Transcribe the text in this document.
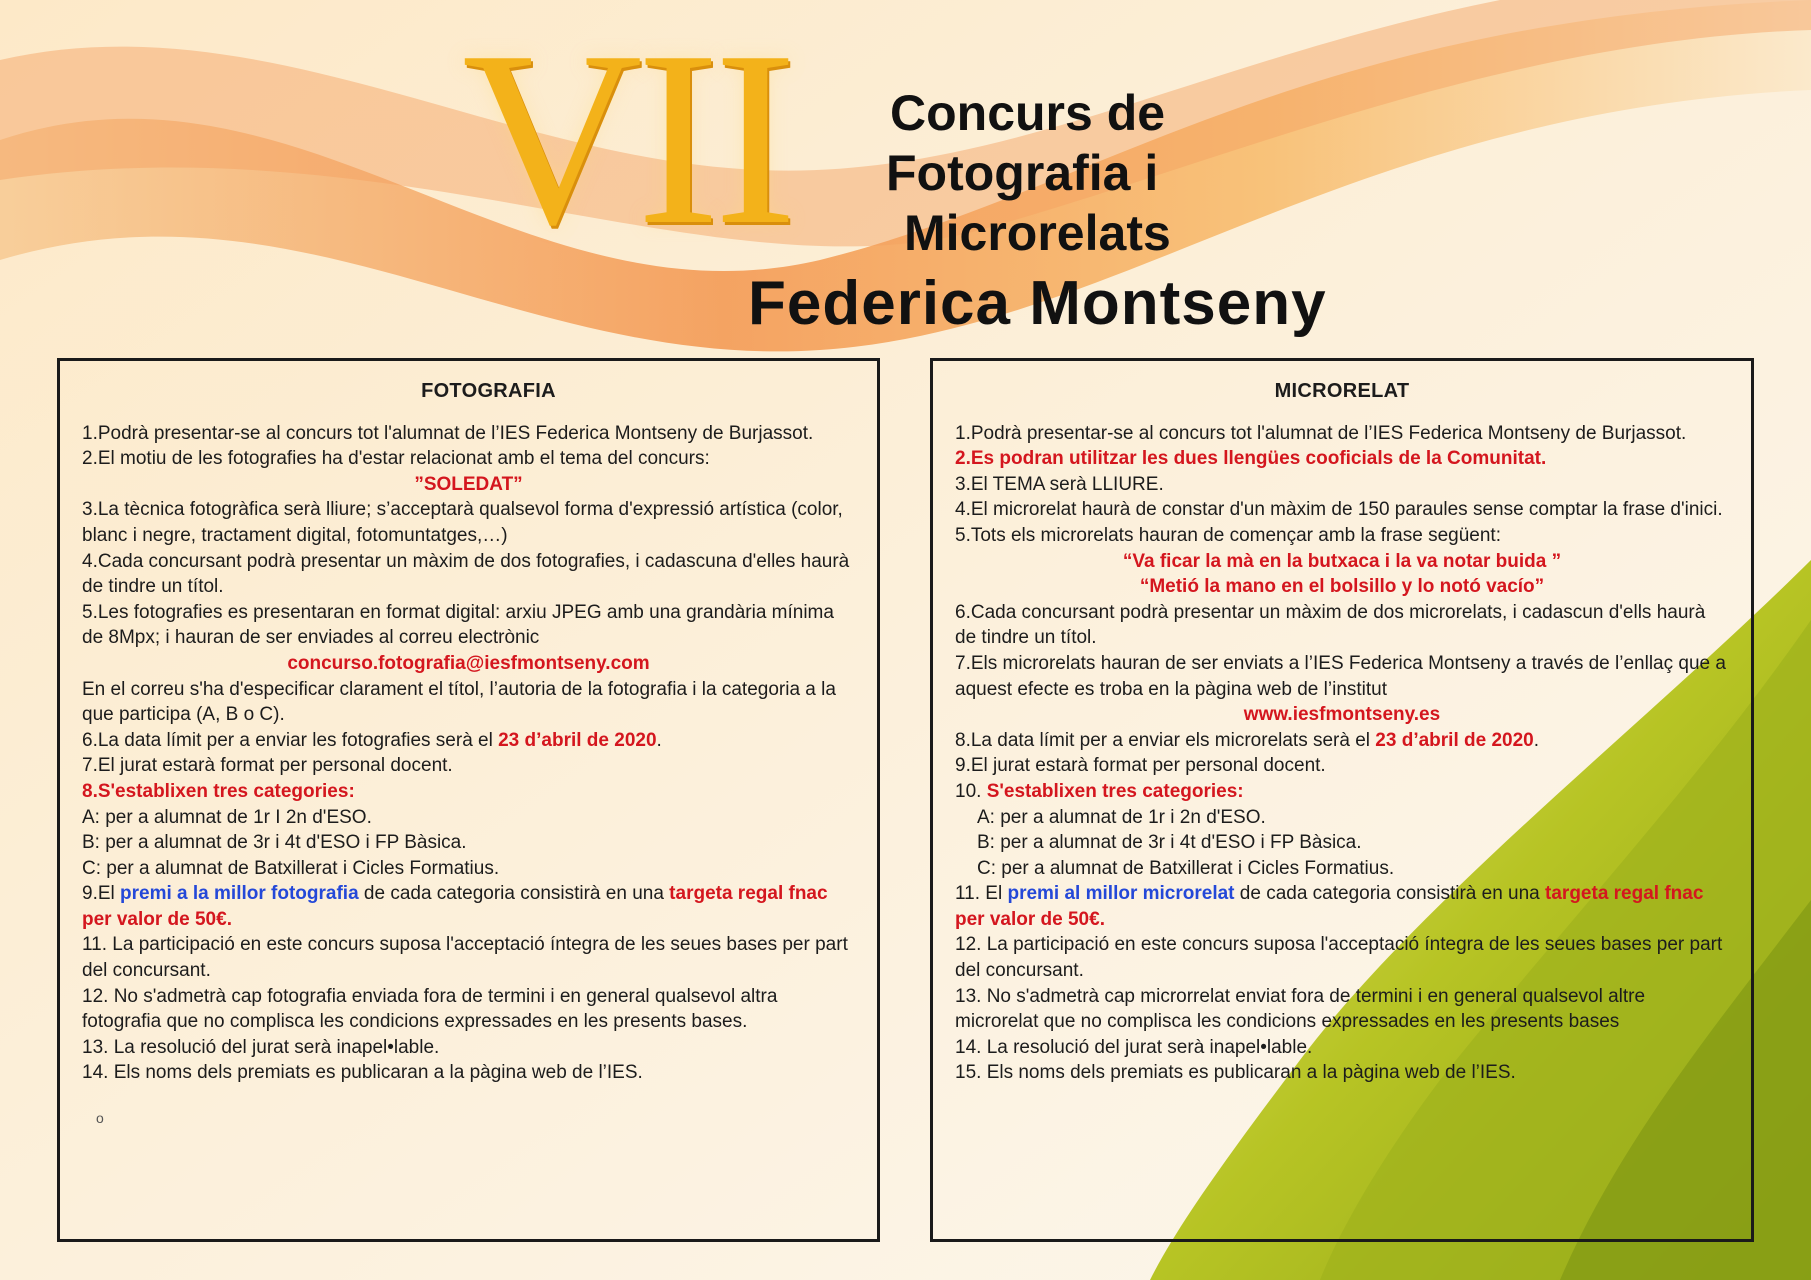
VII Concurs de
Fotografia i
Microrelats
Federica Montseny
FOTOGRAFIA

1.Podrà presentar-se al concurs tot l'alumnat de l’IES Federica Montseny de Burjassot.

2.El motiu de les fotografies ha d'estar relacionat amb el tema del concurs:

”SOLEDAT”

3.La tècnica fotogràfica serà lliure; s’acceptarà qualsevol forma d'expressió artística (color, blanc i negre, tractament digital, fotomuntatges,…)

4.Cada concursant podrà presentar un màxim de dos fotografies, i cadascuna d'elles haurà de tindre un títol.

5.Les fotografies es presentaran en format digital: arxiu JPEG amb una grandària mínima de 8Mpx; i hauran de ser enviades al correu electrònic

concurso.fotografia@iesfmontseny.com

En el correu s'ha d'especificar clarament el títol, l’autoria de la fotografia i la categoria a la que participa (A, B o C).

6.La data límit per a enviar les fotografies serà el 23 d’abril de 2020.

7.El jurat estarà format per personal docent.

8.S'establixen tres categories:

A: per a alumnat de 1r I 2n d'ESO.

B: per a alumnat de 3r i 4t d'ESO i FP Bàsica.

C: per a alumnat de Batxillerat i Cicles Formatius.

9.El premi a la millor fotografia de cada categoria consistirà en una targeta regal fnac per valor de 50€.

11. La participació en este concurs suposa l'acceptació íntegra de les seues bases per part del concursant.

12. No s'admetrà cap fotografia enviada fora de termini i en general qualsevol altra fotografia que no complisca les condicions expressades en les presents bases.

13. La resolució del jurat serà inapel•lable.

14. Els noms dels premiats es publicaran a la pàgina web de l’IES.

o

MICRORELAT

1.Podrà presentar-se al concurs tot l'alumnat de l’IES Federica Montseny de Burjassot.

2.Es podran utilitzar les dues llengües cooficials de la Comunitat.

3.El TEMA serà LLIURE.

4.El microrelat haurà de constar d'un màxim de 150 paraules sense comptar la frase d'inici.

5.Tots els microrelats hauran de començar amb la frase següent:

“Va ficar la mà en la butxaca i la va notar buida ”

“Metió la mano en el bolsillo y lo notó vacío”

6.Cada concursant podrà presentar un màxim de dos microrelats, i cadascun d'ells haurà de tindre un títol.

7.Els microrelats hauran de ser enviats a l’IES Federica Montseny a través de l’enllaç que a aquest efecte es troba en la pàgina web de l’institut

www.iesfmontseny.es

8.La data límit per a enviar els microrelats serà el 23 d’abril de 2020.

9.El jurat estarà format per personal docent.

10. S'establixen tres categories:

A: per a alumnat de 1r i 2n d'ESO.

B: per a alumnat de 3r i 4t d'ESO i FP Bàsica.

C: per a alumnat de Batxillerat i Cicles Formatius.

11. El premi al millor microrelat de cada categoria consistirà en una targeta regal fnac per valor de 50€.

12. La participació en este concurs suposa l'acceptació íntegra de les seues bases per part del concursant.

13. No s'admetrà cap microrrelat enviat fora de termini i en general qualsevol altre microrelat que no complisca les condicions expressades en les presents bases

14. La resolució del jurat serà inapel•lable.

15. Els noms dels premiats es publicaran a la pàgina web de l’IES.
